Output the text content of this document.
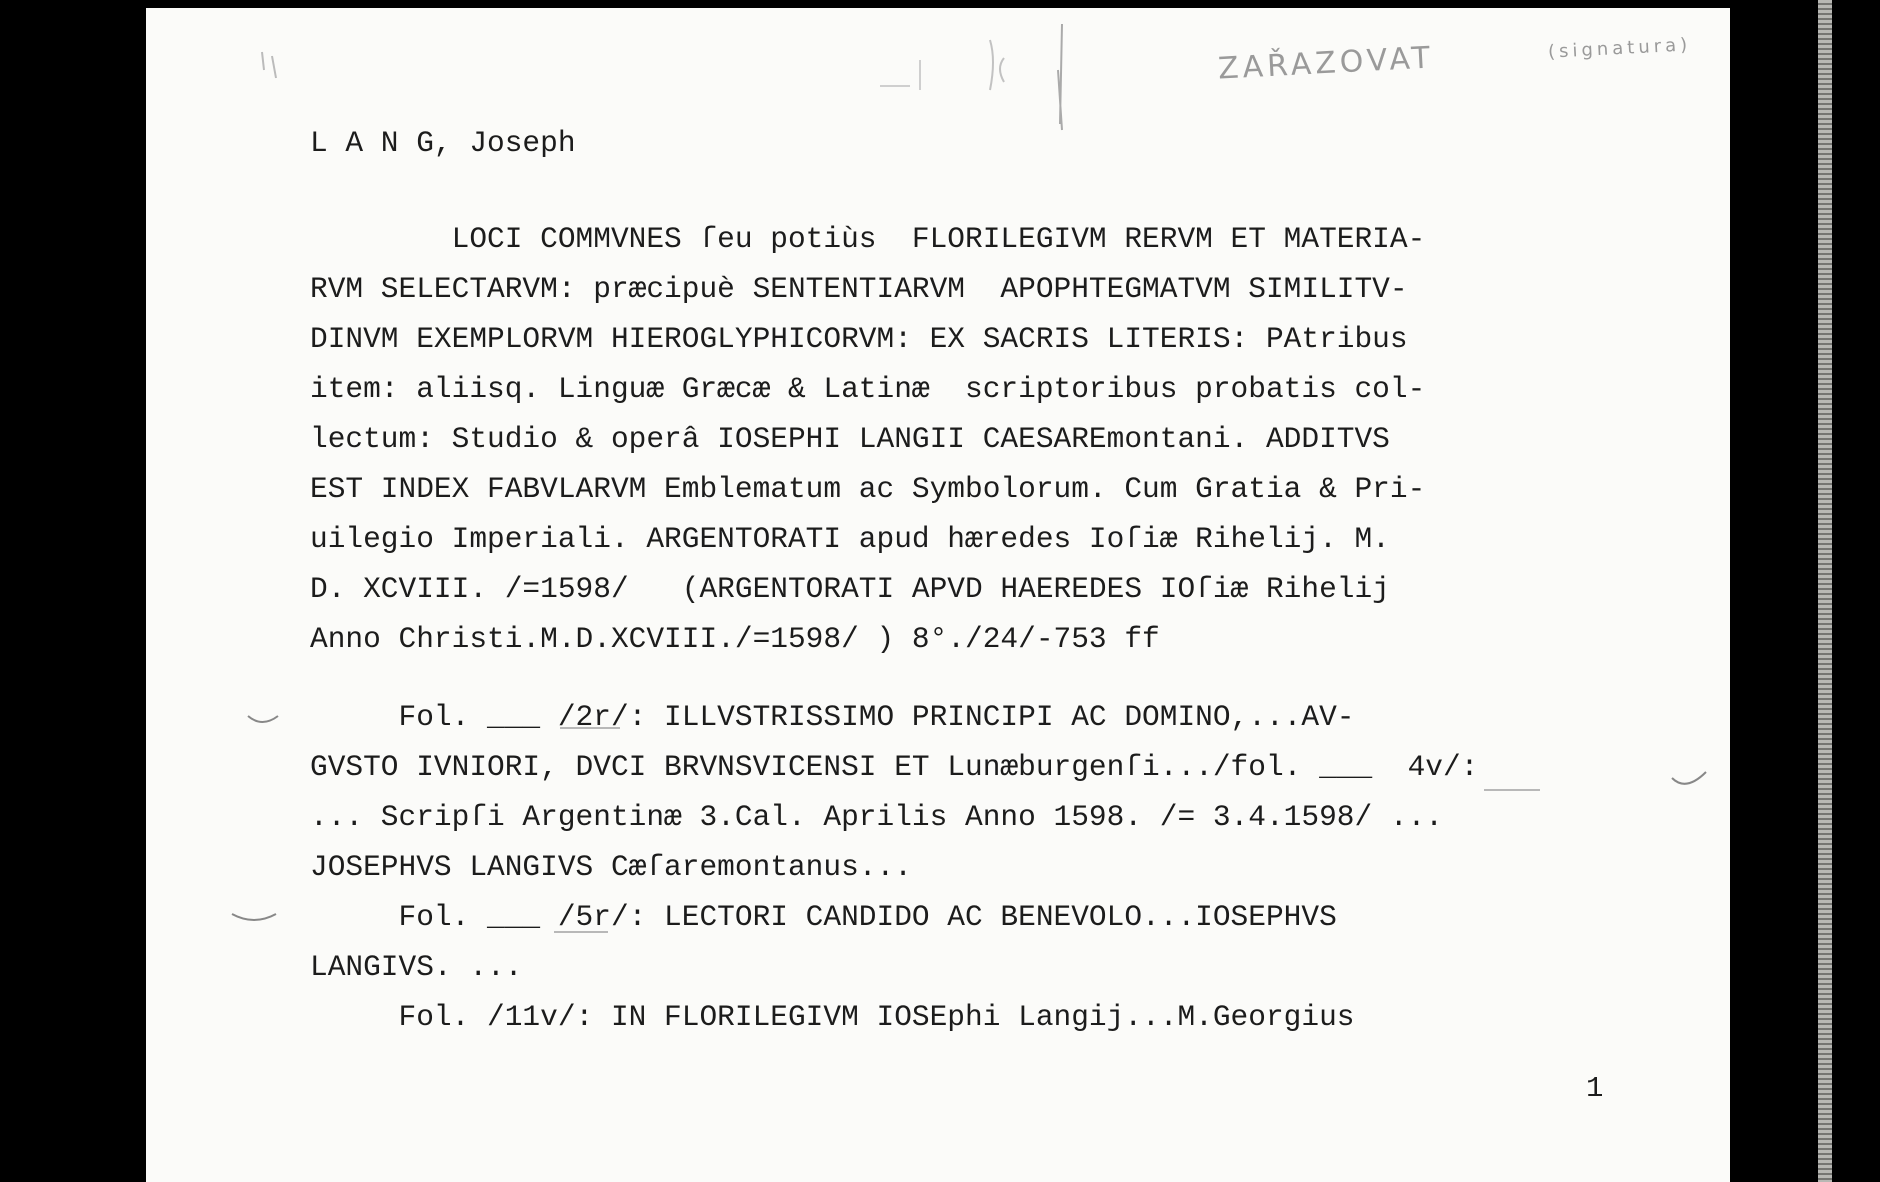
ZAŘAZOVAT	(signatura)
L A N G, Joseph
LOCI COMMVNES ſeu potiùs  FLORILEGIVM RERVM ET MATERIA-
RVM SELECTARVM: præcipuè SENTENTIARVM  APOPHTEGMATVM SIMILITV-
DINVM EXEMPLORVM HIEROGLYPHICORVM: EX SACRIS LITERIS: PAtribus
item: aliisq. Linguæ Græcæ & Latinæ  scriptoribus probatis col-
lectum: Studio & operâ IOSEPHI LANGII CAESAREmontani. ADDITVS
EST INDEX FABVLARVM Emblematum ac Symbolorum. Cum Gratia & Pri-
uilegio Imperiali. ARGENTORATI apud hæredes Ioſiæ Rihelij. M.
D. XCVIII. /=1598/   (ARGENTORATI APVD HAEREDES IOſiæ Rihelij
Anno Christi.M.D.XCVIII./=1598/ ) 8°./24/-753 ff
Fol. ___ /2r/: ILLVSTRISSIMO PRINCIPI AC DOMINO,...AV-
GVSTO IVNIORI, DVCI BRVNSVICENSI ET Lunæburgenſi.../fol. ___  4v/:
... Scripſi Argentinæ 3.Cal. Aprilis Anno 1598. /= 3.4.1598/ ...
JOSEPHVS LANGIVS Cæſaremontanus...
Fol. ___ /5r/: LECTORI CANDIDO AC BENEVOLO...IOSEPHVS
LANGIVS. ...
Fol. /11v/: IN FLORILEGIVM IOSEphi Langij...M.Georgius
1
